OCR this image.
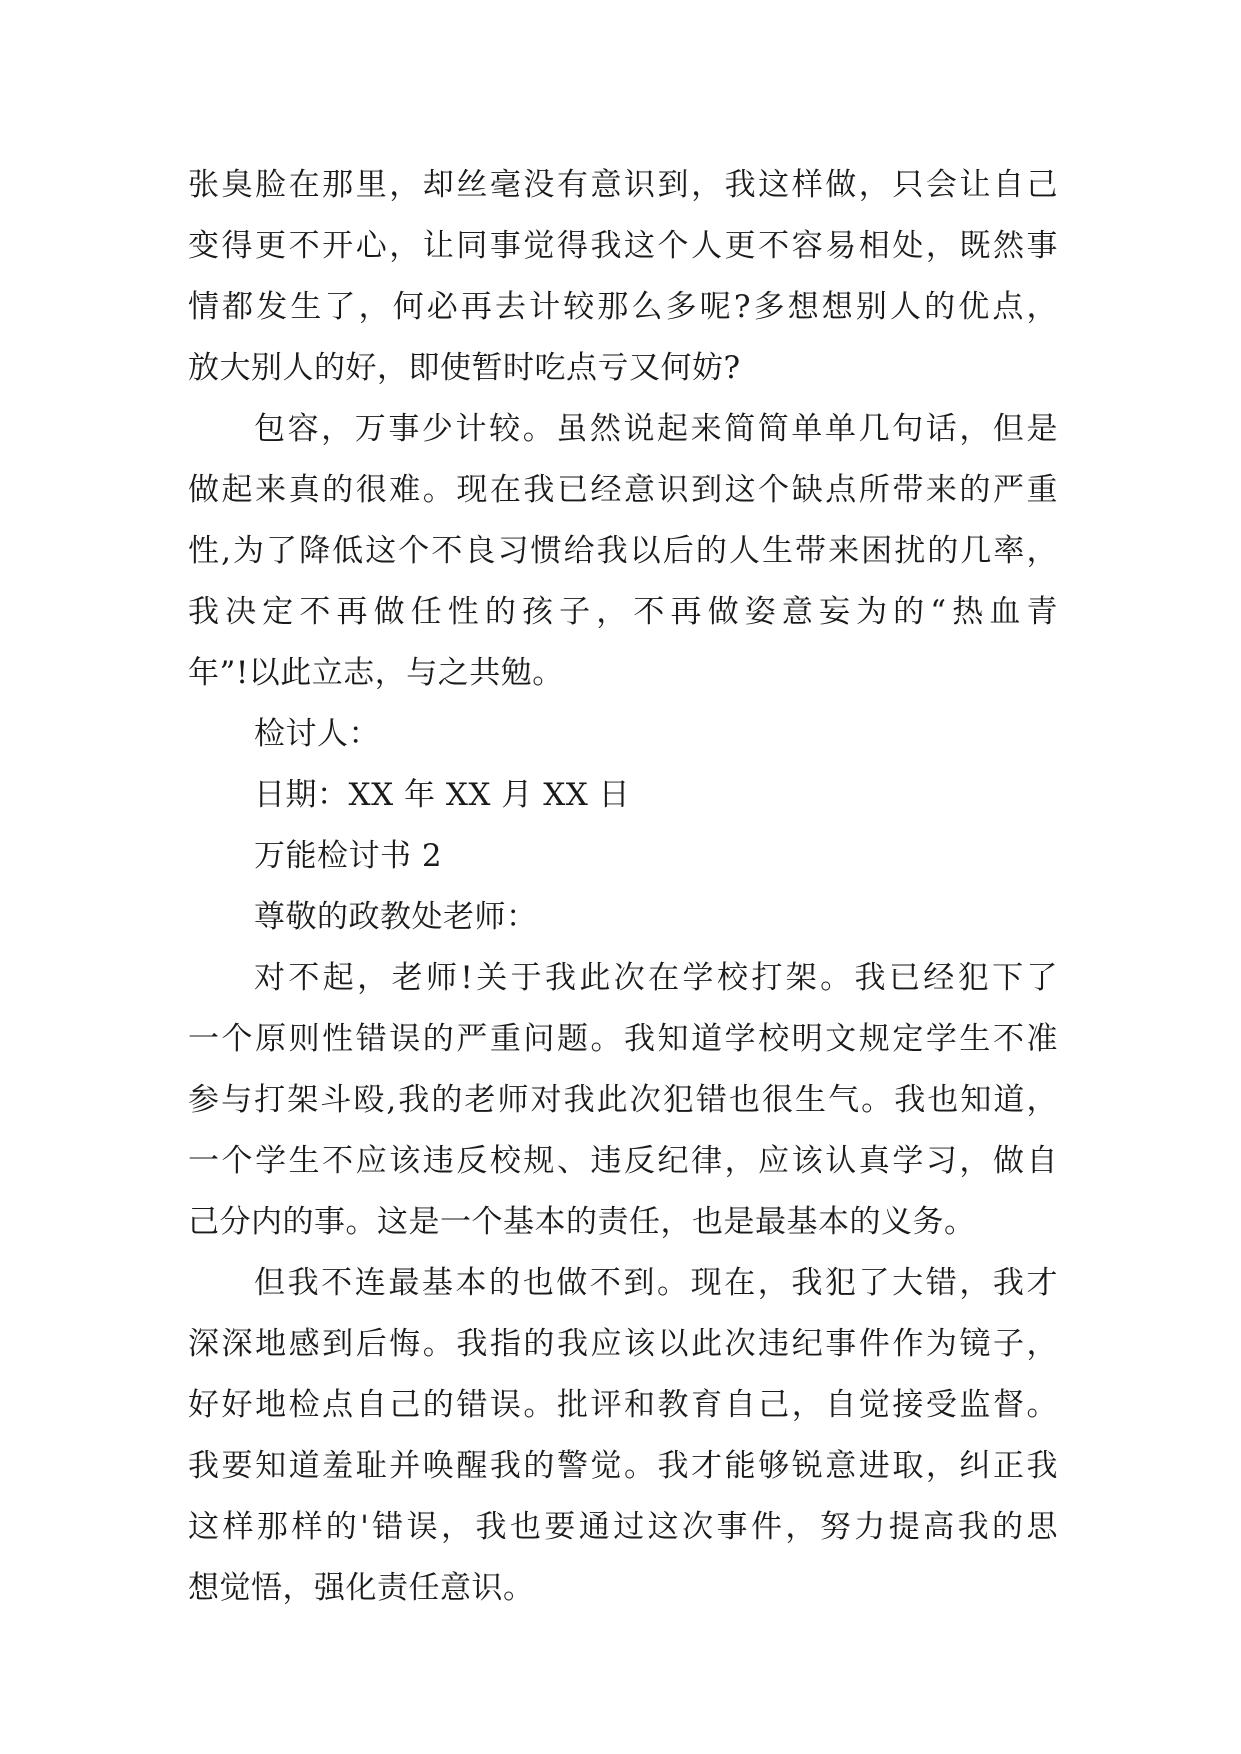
张臭脸在那里，却丝毫没有意识到，我这样做，只会让自己
变得更不开心，让同事觉得我这个人更不容易相处，既然事
情都发生了，何必再去计较那么多呢?多想想别人的优点，
放大别人的好，即使暂时吃点亏又何妨?
包容，万事少计较。虽然说起来简简单单几句话，但是
做起来真的很难。现在我已经意识到这个缺点所带来的严重
性,为了降低这个不良习惯给我以后的人生带来困扰的几率，
我决定不再做任性的孩子，不再做姿意妄为的“热血青
年”!以此立志，与之共勉。
检讨人：
日期：XX 年 XX 月 XX 日
万能检讨书 2
尊敬的政教处老师：
对不起，老师!关于我此次在学校打架。我已经犯下了
一个原则性错误的严重问题。我知道学校明文规定学生不准
参与打架斗殴,我的老师对我此次犯错也很生气。我也知道，
一个学生不应该违反校规、违反纪律，应该认真学习，做自
己分内的事。这是一个基本的责任，也是最基本的义务。
但我不连最基本的也做不到。现在，我犯了大错，我才
深深地感到后悔。我指的我应该以此次违纪事件作为镜子，
好好地检点自己的错误。批评和教育自己，自觉接受监督。
我要知道羞耻并唤醒我的警觉。我才能够锐意进取，纠正我
这样那样的'错误，我也要通过这次事件，努力提高我的思
想觉悟，强化责任意识。
